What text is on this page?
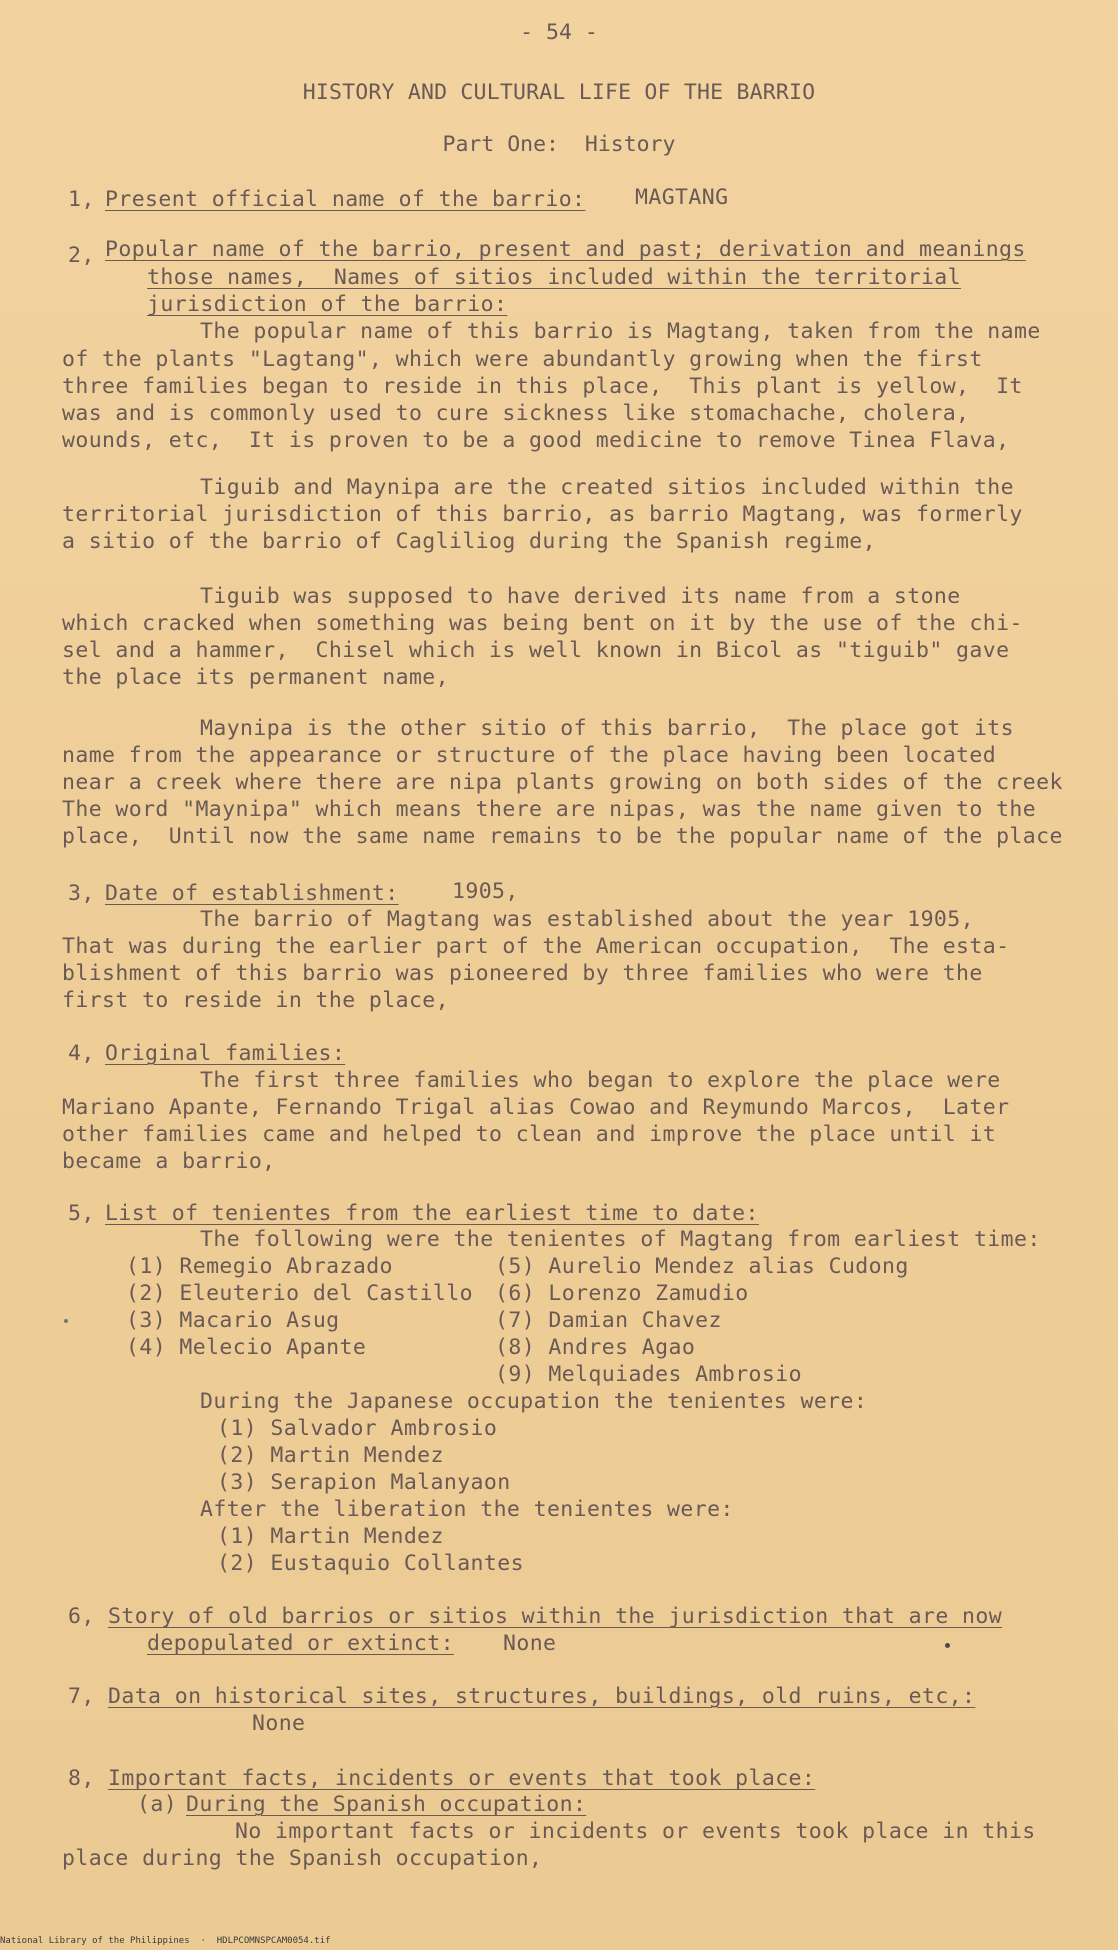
- 54 -
HISTORY AND CULTURAL LIFE OF THE BARRIO
Part One:  History
1, Present official name of the barrio: MAGTANG
2, Popular name of the barrio, present and past; derivation and meanings
those names,  Names of sitios included within the territorial
jurisdiction of the barrio:
The popular name of this barrio is Magtang, taken from the name
of the plants "Lagtang", which were abundantly growing when the first
three families began to reside in this place,  This plant is yellow,  It
was and is commonly used to cure sickness like stomachache, cholera,
wounds, etc,  It is proven to be a good medicine to remove Tinea Flava,
Tiguib and Maynipa are the created sitios included within the
territorial jurisdiction of this barrio, as barrio Magtang, was formerly
a sitio of the barrio of Cagliliog during the Spanish regime,
Tiguib was supposed to have derived its name from a stone
which cracked when something was being bent on it by the use of the chi-
sel and a hammer,  Chisel which is well known in Bicol as "tiguib" gave
the place its permanent name,
Maynipa is the other sitio of this barrio,  The place got its
name from the appearance or structure of the place having been located
near a creek where there are nipa plants growing on both sides of the creek
The word "Maynipa" which means there are nipas, was the name given to the
place,  Until now the same name remains to be the popular name of the place
3, Date of establishment: 1905,
The barrio of Magtang was established about the year 1905,
That was during the earlier part of the American occupation,  The esta-
blishment of this barrio was pioneered by three families who were the
first to reside in the place,
4, Original families:
The first three families who began to explore the place were
Mariano Apante, Fernando Trigal alias Cowao and Reymundo Marcos,  Later
other families came and helped to clean and improve the place until it
became a barrio,
5, List of tenientes from the earliest time to date:
The following were the tenientes of Magtang from earliest time:
(1) Remegio Abrazado
(2) Eleuterio del Castillo
(3) Macario Asug
(4) Melecio Apante
(5) Aurelio Mendez alias Cudong
(6) Lorenzo Zamudio
(7) Damian Chavez
(8) Andres Agao
(9) Melquiades Ambrosio
During the Japanese occupation the tenientes were:
(1) Salvador Ambrosio
(2) Martin Mendez
(3) Serapion Malanyaon
After the liberation the tenientes were:
(1) Martin Mendez
(2) Eustaquio Collantes
6, Story of old barrios or sitios within the jurisdiction that are now
depopulated or extinct: None
7, Data on historical sites, structures, buildings, old ruins, etc,:
None
8, Important facts, incidents or events that took place:
(a) During the Spanish occupation:
No important facts or incidents or events took place in this
place during the Spanish occupation,
National Library of the Philippines  ·  HDLPCOMNSPCAM0054.tif
